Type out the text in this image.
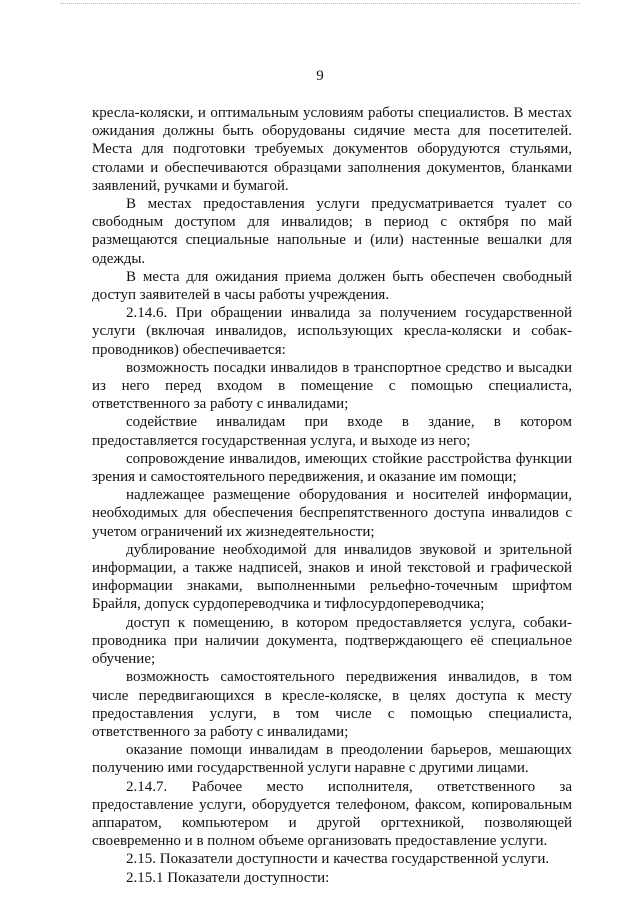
9

кресла-коляски, и оптимальным условиям работы специалистов. В местах ожидания должны быть оборудованы сидячие места для посетителей. Места для подготовки требуемых документов оборудуются стульями, столами и обеспечиваются образцами заполнения документов, бланками заявлений, ручками и бумагой.

В местах предоставления услуги предусматривается туалет со свободным доступом для инвалидов; в период с октября по май размещаются специальные напольные и (или) настенные вешалки для одежды.

В места для ожидания приема должен быть обеспечен свободный доступ заявителей в часы работы учреждения.

2.14.6. При обращении инвалида за получением государственной услуги (включая инвалидов, использующих кресла-коляски и собак-проводников) обеспечивается:

возможность посадки инвалидов в транспортное средство и высадки из него перед входом в помещение с помощью специалиста, ответственного за работу с инвалидами;

содействие инвалидам при входе в здание, в котором предоставляется государственная услуга, и выходе из него;

сопровождение инвалидов, имеющих стойкие расстройства функции зрения и самостоятельного передвижения, и оказание им помощи;

надлежащее размещение оборудования и носителей информации, необходимых для обеспечения беспрепятственного доступа инвалидов с учетом ограничений их жизнедеятельности;

дублирование необходимой для инвалидов звуковой и зрительной информации, а также надписей, знаков и иной текстовой и графической информации знаками, выполненными рельефно-точечным шрифтом Брайля, допуск сурдопереводчика и тифлосурдопереводчика;

доступ к помещению, в котором предоставляется услуга, собаки-проводника при наличии документа, подтверждающего её специальное обучение;

возможность самостоятельного передвижения инвалидов, в том числе передвигающихся в кресле-коляске, в целях доступа к месту предоставления услуги, в том числе с помощью специалиста, ответственного за работу с инвалидами;

оказание помощи инвалидам в преодолении барьеров, мешающих получению ими государственной услуги наравне с другими лицами.

2.14.7. Рабочее место исполнителя, ответственного за предоставление услуги, оборудуется телефоном, факсом, копировальным аппаратом, компьютером и другой оргтехникой, позволяющей своевременно и в полном объеме организовать предоставление услуги.

2.15. Показатели доступности и качества государственной услуги.

2.15.1 Показатели доступности:
